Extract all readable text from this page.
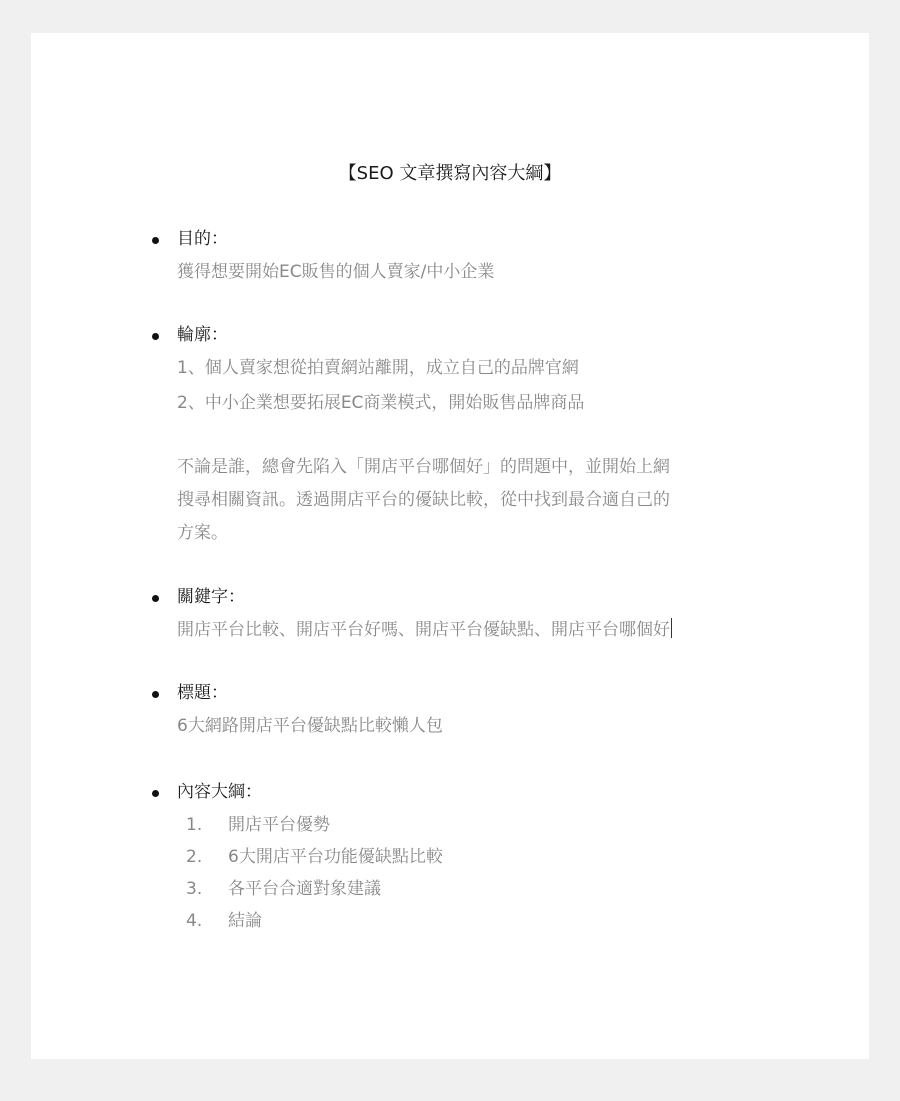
【SEO 文章撰寫內容大綱】
目的：
獲得想要開始EC販售的個人賣家/中小企業
輪廓：
1、個人賣家想從拍賣網站離開，成立自己的品牌官網
2、中小企業想要拓展EC商業模式，開始販售品牌商品
不論是誰，總會先陷入「開店平台哪個好」的問題中，並開始上網
搜尋相關資訊。透過開店平台的優缺比較，從中找到最合適自己的
方案。
關鍵字：
開店平台比較、開店平台好嗎、開店平台優缺點、開店平台哪個好
標題：
6大網路開店平台優缺點比較懶人包
內容大綱：
1. 開店平台優勢
2. 6大開店平台功能優缺點比較
3. 各平台合適對象建議
4. 結論
